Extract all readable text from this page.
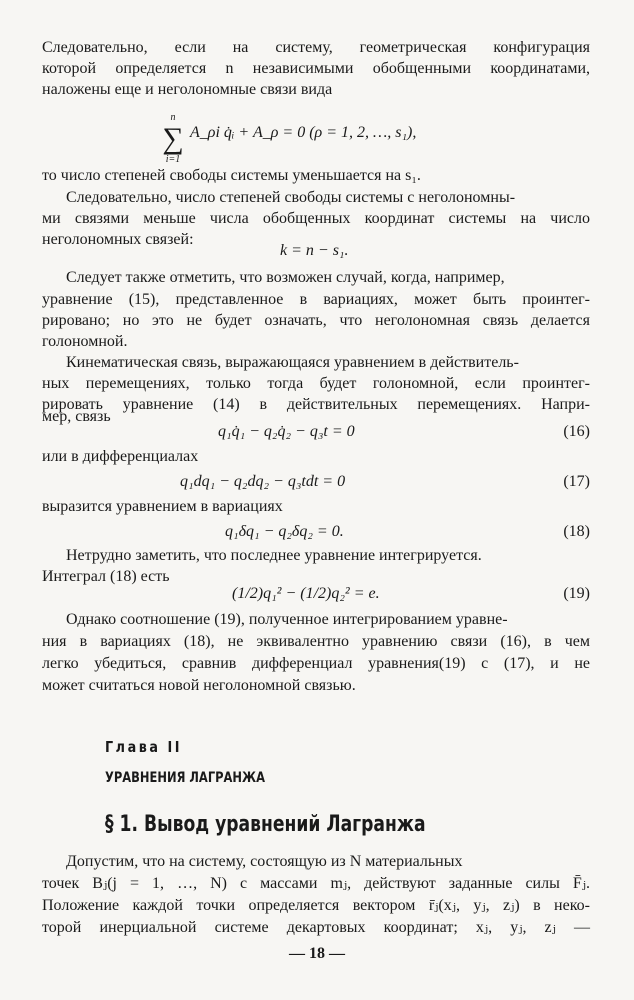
Следовательно, если на систему, геометрическая конфигурация
которой определяется n независимыми обобщенными координатами,
наложены еще и неголономные связи вида
n
∑
i=1
A_ρi q̇ᵢ + A_ρ = 0 (ρ = 1, 2, …, s₁),
то число степеней свободы системы уменьшается на s₁.
Следовательно, число степеней свободы системы с неголономны-
ми связями меньше числа обобщенных координат системы на число
неголономных связей:
k = n − s₁.
Следует также отметить, что возможен случай, когда, например,
уравнение (15), представленное в вариациях, может быть проинтег-
рировано; но это не будет означать, что неголономная связь делается
голономной.
Кинематическая связь, выражающаяся уравнением в действитель-
ных перемещениях, только тогда будет голономной, если проинтег-
рировать уравнение (14) в действительных перемещениях. Напри-
мер, связь
q₁q̇₁ − q₂q̇₂ − q₃t = 0	(16)
или в дифференциалах
q₁dq₁ − q₂dq₂ − q₃tdt = 0	(17)
выразится уравнением в вариациях
q₁δq₁ − q₂δq₂ = 0.	(18)
Нетрудно заметить, что последнее уравнение интегрируется.
Интеграл (18) есть
(1/2)q₁² − (1/2)q₂² = e.	(19)
Однако соотношение (19), полученное интегрированием уравне-
ния в вариациях (18), не эквивалентно уравнению связи (16), в чем
легко убедиться, сравнив дифференциал уравнения(19) с (17), и не
может считаться новой неголономной связью.
Глава II
УРАВНЕНИЯ ЛАГРАНЖА
§ 1. Вывод уравнений Лагранжа
Допустим, что на систему, состоящую из N материальных
точек Bⱼ(j = 1, …, N) с массами mⱼ, действуют заданные силы F̄ⱼ.
Положение каждой точки определяется вектором r̄ⱼ(xⱼ, yⱼ, zⱼ) в неко-
торой инерциальной системе декартовых координат; xⱼ, yⱼ, zⱼ —
— 18 —
